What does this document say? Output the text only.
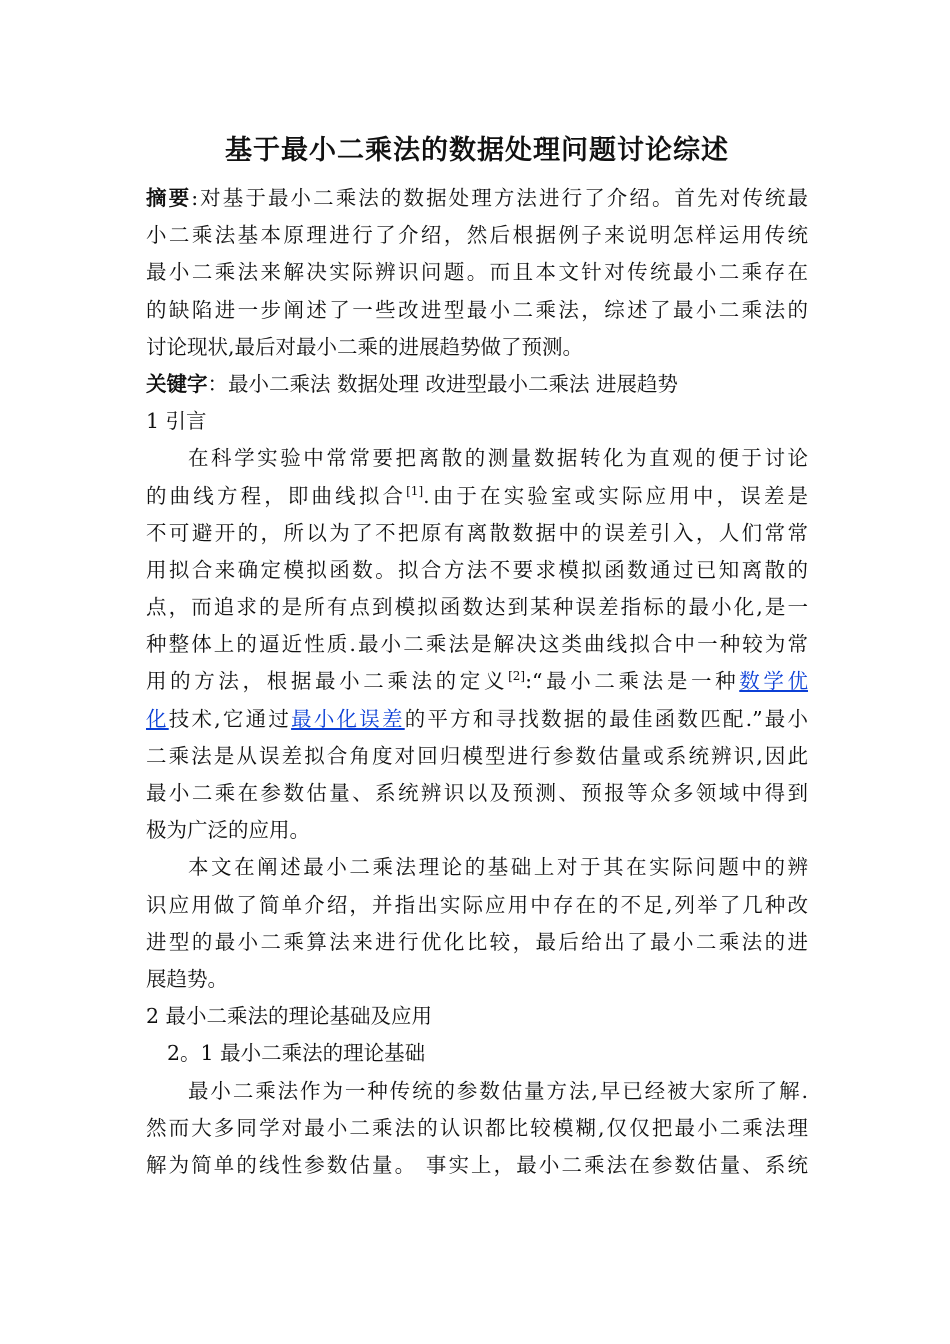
基于最小二乘法的数据处理问题讨论综述
摘要:对基于最小二乘法的数据处理方法进行了介绍。首先对传统最
小二乘法基本原理进行了介绍，然后根据例子来说明怎样运用传统
最小二乘法来解决实际辨识问题。而且本文针对传统最小二乘存在
的缺陷进一步阐述了一些改进型最小二乘法，综述了最小二乘法的
讨论现状,最后对最小二乘的进展趋势做了预测。
关键字：最小二乘法 数据处理 改进型最小二乘法 进展趋势
1 引言
在科学实验中常常要把离散的测量数据转化为直观的便于讨论
的曲线方程，即曲线拟合[1].由于在实验室或实际应用中，误差是
不可避开的，所以为了不把原有离散数据中的误差引入，人们常常
用拟合来确定模拟函数。拟合方法不要求模拟函数通过已知离散的
点，而追求的是所有点到模拟函数达到某种误差指标的最小化,是一
种整体上的逼近性质.最小二乘法是解决这类曲线拟合中一种较为常
用的方法，根据最小二乘法的定义[2]:“最小二乘法是一种数学优
化技术,它通过最小化误差的平方和寻找数据的最佳函数匹配.”最小
二乘法是从误差拟合角度对回归模型进行参数估量或系统辨识,因此
最小二乘在参数估量、系统辨识以及预测、预报等众多领域中得到
极为广泛的应用。
本文在阐述最小二乘法理论的基础上对于其在实际问题中的辨
识应用做了简单介绍，并指出实际应用中存在的不足,列举了几种改
进型的最小二乘算法来进行优化比较，最后给出了最小二乘法的进
展趋势。
2 最小二乘法的理论基础及应用
2。1 最小二乘法的理论基础
最小二乘法作为一种传统的参数估量方法,早已经被大家所了解.
然而大多同学对最小二乘法的认识都比较模糊,仅仅把最小二乘法理
解为简单的线性参数估量。 事实上，最小二乘法在参数估量、系统
